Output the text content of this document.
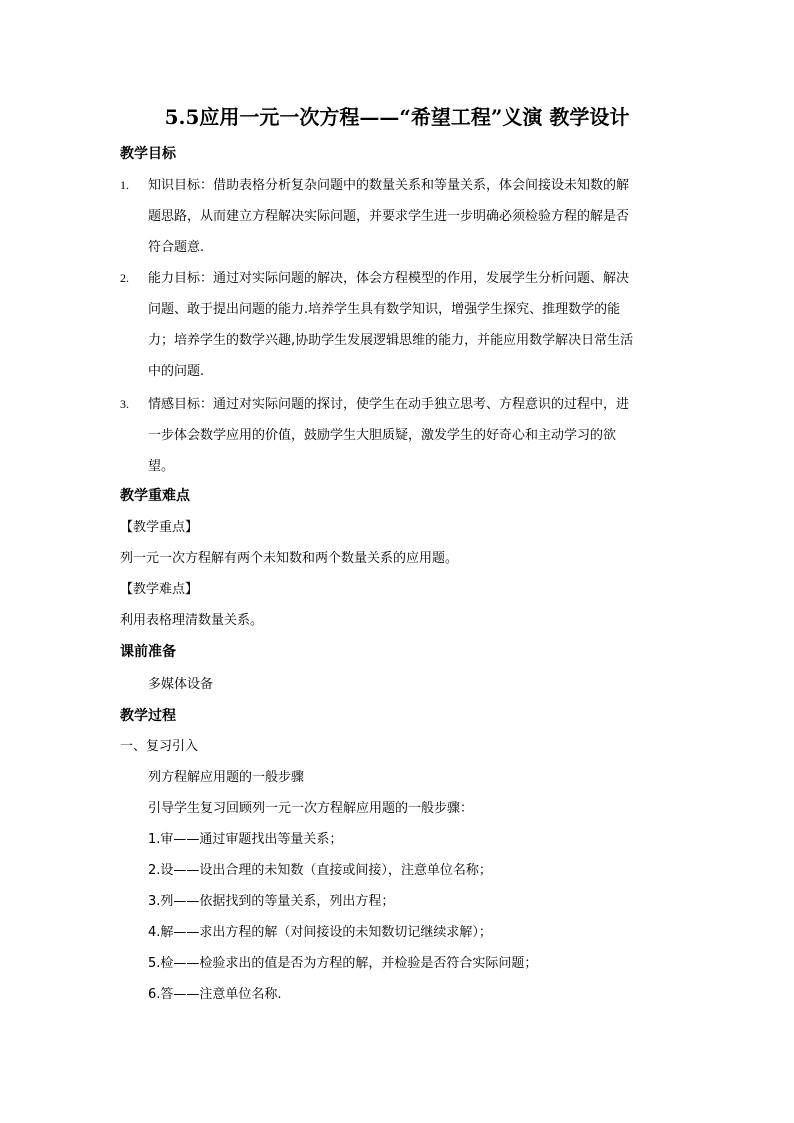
5.5应用一元一次方程——“希望工程”义演 教学设计
教学目标
1. 知识目标：借助表格分析复杂问题中的数量关系和等量关系，体会间接设未知数的解
题思路，从而建立方程解决实际问题，并要求学生进一步明确必须检验方程的解是否
符合题意.
2. 能力目标：通过对实际问题的解决，体会方程模型的作用，发展学生分析问题、解决
问题、敢于提出问题的能力.培养学生具有数学知识，增强学生探究、推理数学的能
力；培养学生的数学兴趣,协助学生发展逻辑思维的能力，并能应用数学解决日常生活
中的问题.
3. 情感目标：通过对实际问题的探讨，使学生在动手独立思考、方程意识的过程中，进
一步体会数学应用的价值，鼓励学生大胆质疑，激发学生的好奇心和主动学习的欲
望。
教学重难点
【教学重点】
列一元一次方程解有两个未知数和两个数量关系的应用题。
【教学难点】
利用表格理清数量关系。
课前准备
多媒体设备
教学过程
一、复习引入
列方程解应用题的一般步骤
引导学生复习回顾列一元一次方程解应用题的一般步骤：
1.审——通过审题找出等量关系；
2.设——设出合理的未知数（直接或间接），注意单位名称；
3.列——依据找到的等量关系，列出方程；
4.解——求出方程的解（对间接设的未知数切记继续求解）；
5.检——检验求出的值是否为方程的解，并检验是否符合实际问题；
6.答——注意单位名称.
